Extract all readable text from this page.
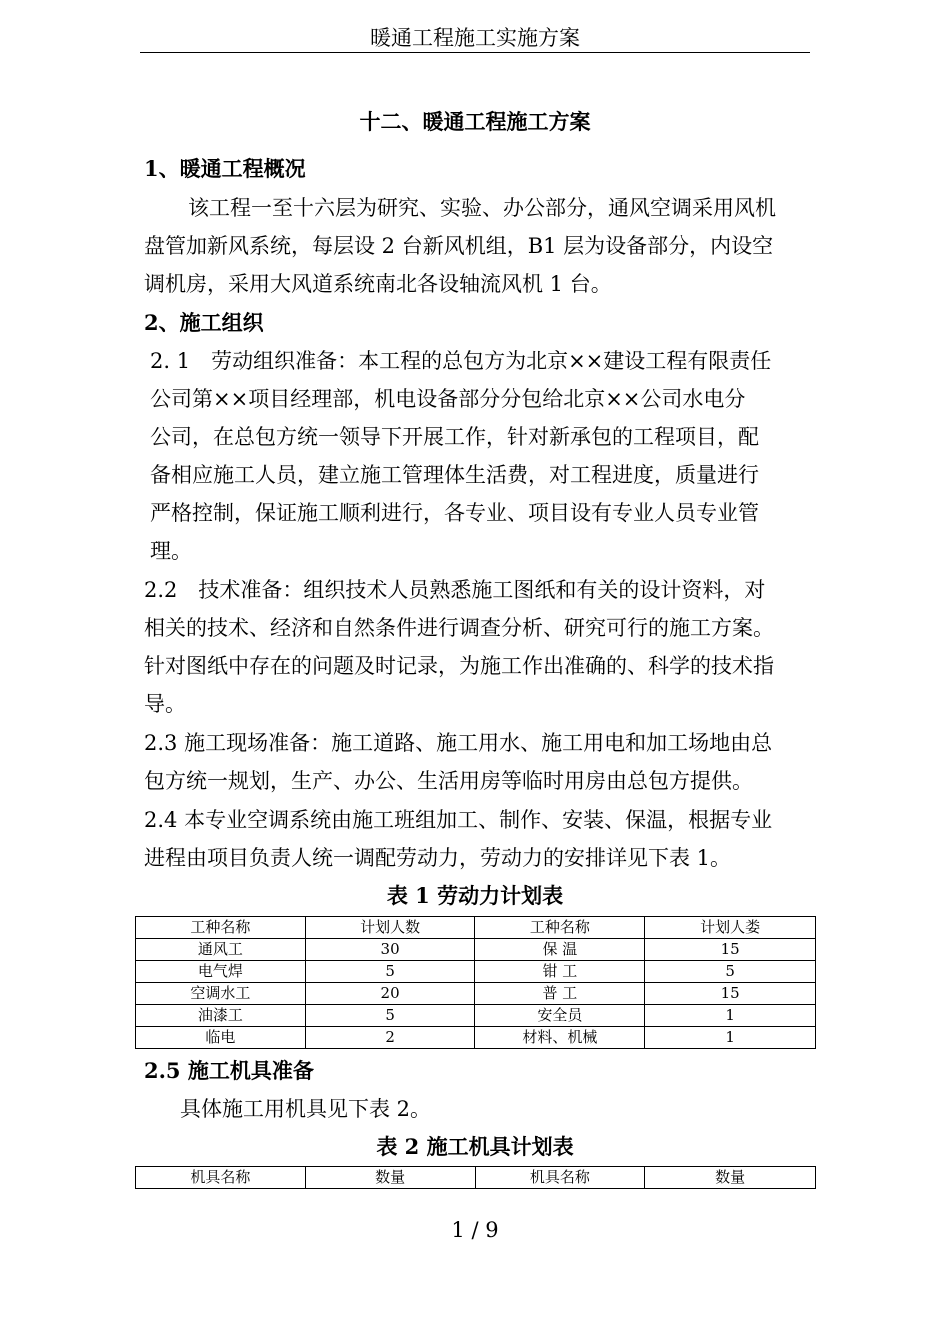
暖通工程施工实施方案
十二、暖通工程施工方案
1、暖通工程概况
该工程一至十六层为研究、实验、办公部分，通风空调采用风机
盘管加新风系统，每层设 2 台新风机组，B1 层为设备部分，内设空
调机房，采用大风道系统南北各设轴流风机 1 台。
2、施工组织
2. 1　劳动组织准备：本工程的总包方为北京××建设工程有限责任
公司第××项目经理部，机电设备部分分包给北京××公司水电分
公司，在总包方统一领导下开展工作，针对新承包的工程项目，配
备相应施工人员，建立施工管理体生活费，对工程进度，质量进行
严格控制，保证施工顺利进行，各专业、项目设有专业人员专业管
理。
2.2　技术准备：组织技术人员熟悉施工图纸和有关的设计资料，对
相关的技术、经济和自然条件进行调查分析、研究可行的施工方案。
针对图纸中存在的问题及时记录，为施工作出准确的、科学的技术指
导。
2.3 施工现场准备：施工道路、施工用水、施工用电和加工场地由总
包方统一规划，生产、办公、生活用房等临时用房由总包方提供。
2.4 本专业空调系统由施工班组加工、制作、安装、保温，根据专业
进程由项目负责人统一调配劳动力，劳动力的安排详见下表 1。
表 1 劳动力计划表
工种名称	计划人数	工种名称	计划人娄
通风工	30	保 温	15
电气焊	5	钳 工	5
空调水工	20	普 工	15
油漆工	5	安全员	1
临电	2	材料、机械	1
2.5 施工机具准备
具体施工用机具见下表 2。
表 2 施工机具计划表
机具名称	数量	机具名称	数量
1 / 9
